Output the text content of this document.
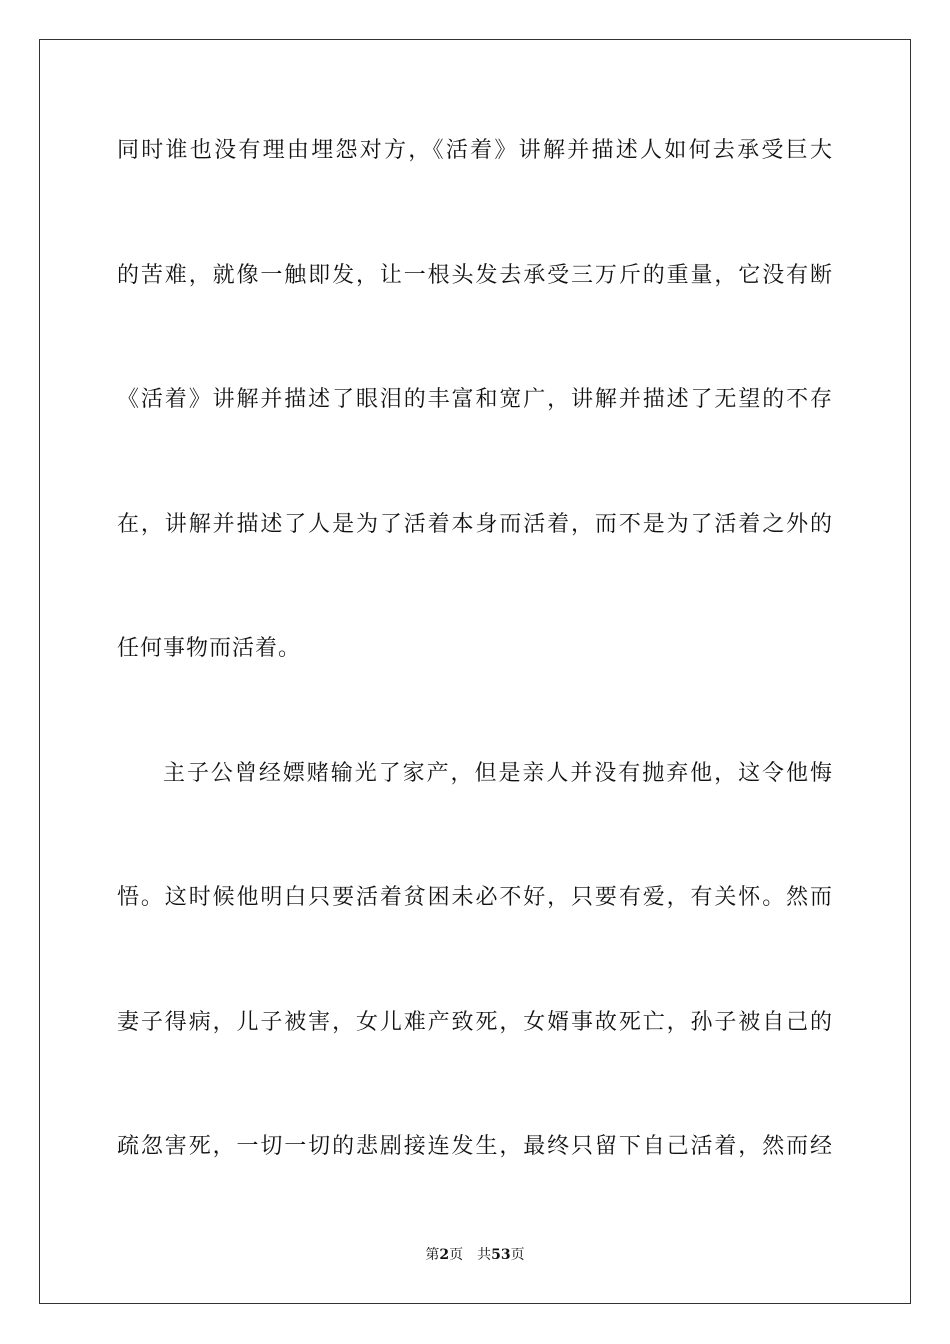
同时谁也没有理由埋怨对方，《活着》讲解并描述人如何去承受巨大
的苦难，就像一触即发，让一根头发去承受三万斤的重量，它没有断
《活着》讲解并描述了眼泪的丰富和宽广，讲解并描述了无望的不存
在，讲解并描述了人是为了活着本身而活着，而不是为了活着之外的
任何事物而活着。
主子公曾经嫖赌输光了家产，但是亲人并没有抛弃他，这令他悔
悟。这时候他明白只要活着贫困未必不好，只要有爱，有关怀。然而
妻子得病，儿子被害，女儿难产致死，女婿事故死亡，孙子被自己的
疏忽害死，一切一切的悲剧接连发生，最终只留下自己活着，然而经
第2页 共53页
